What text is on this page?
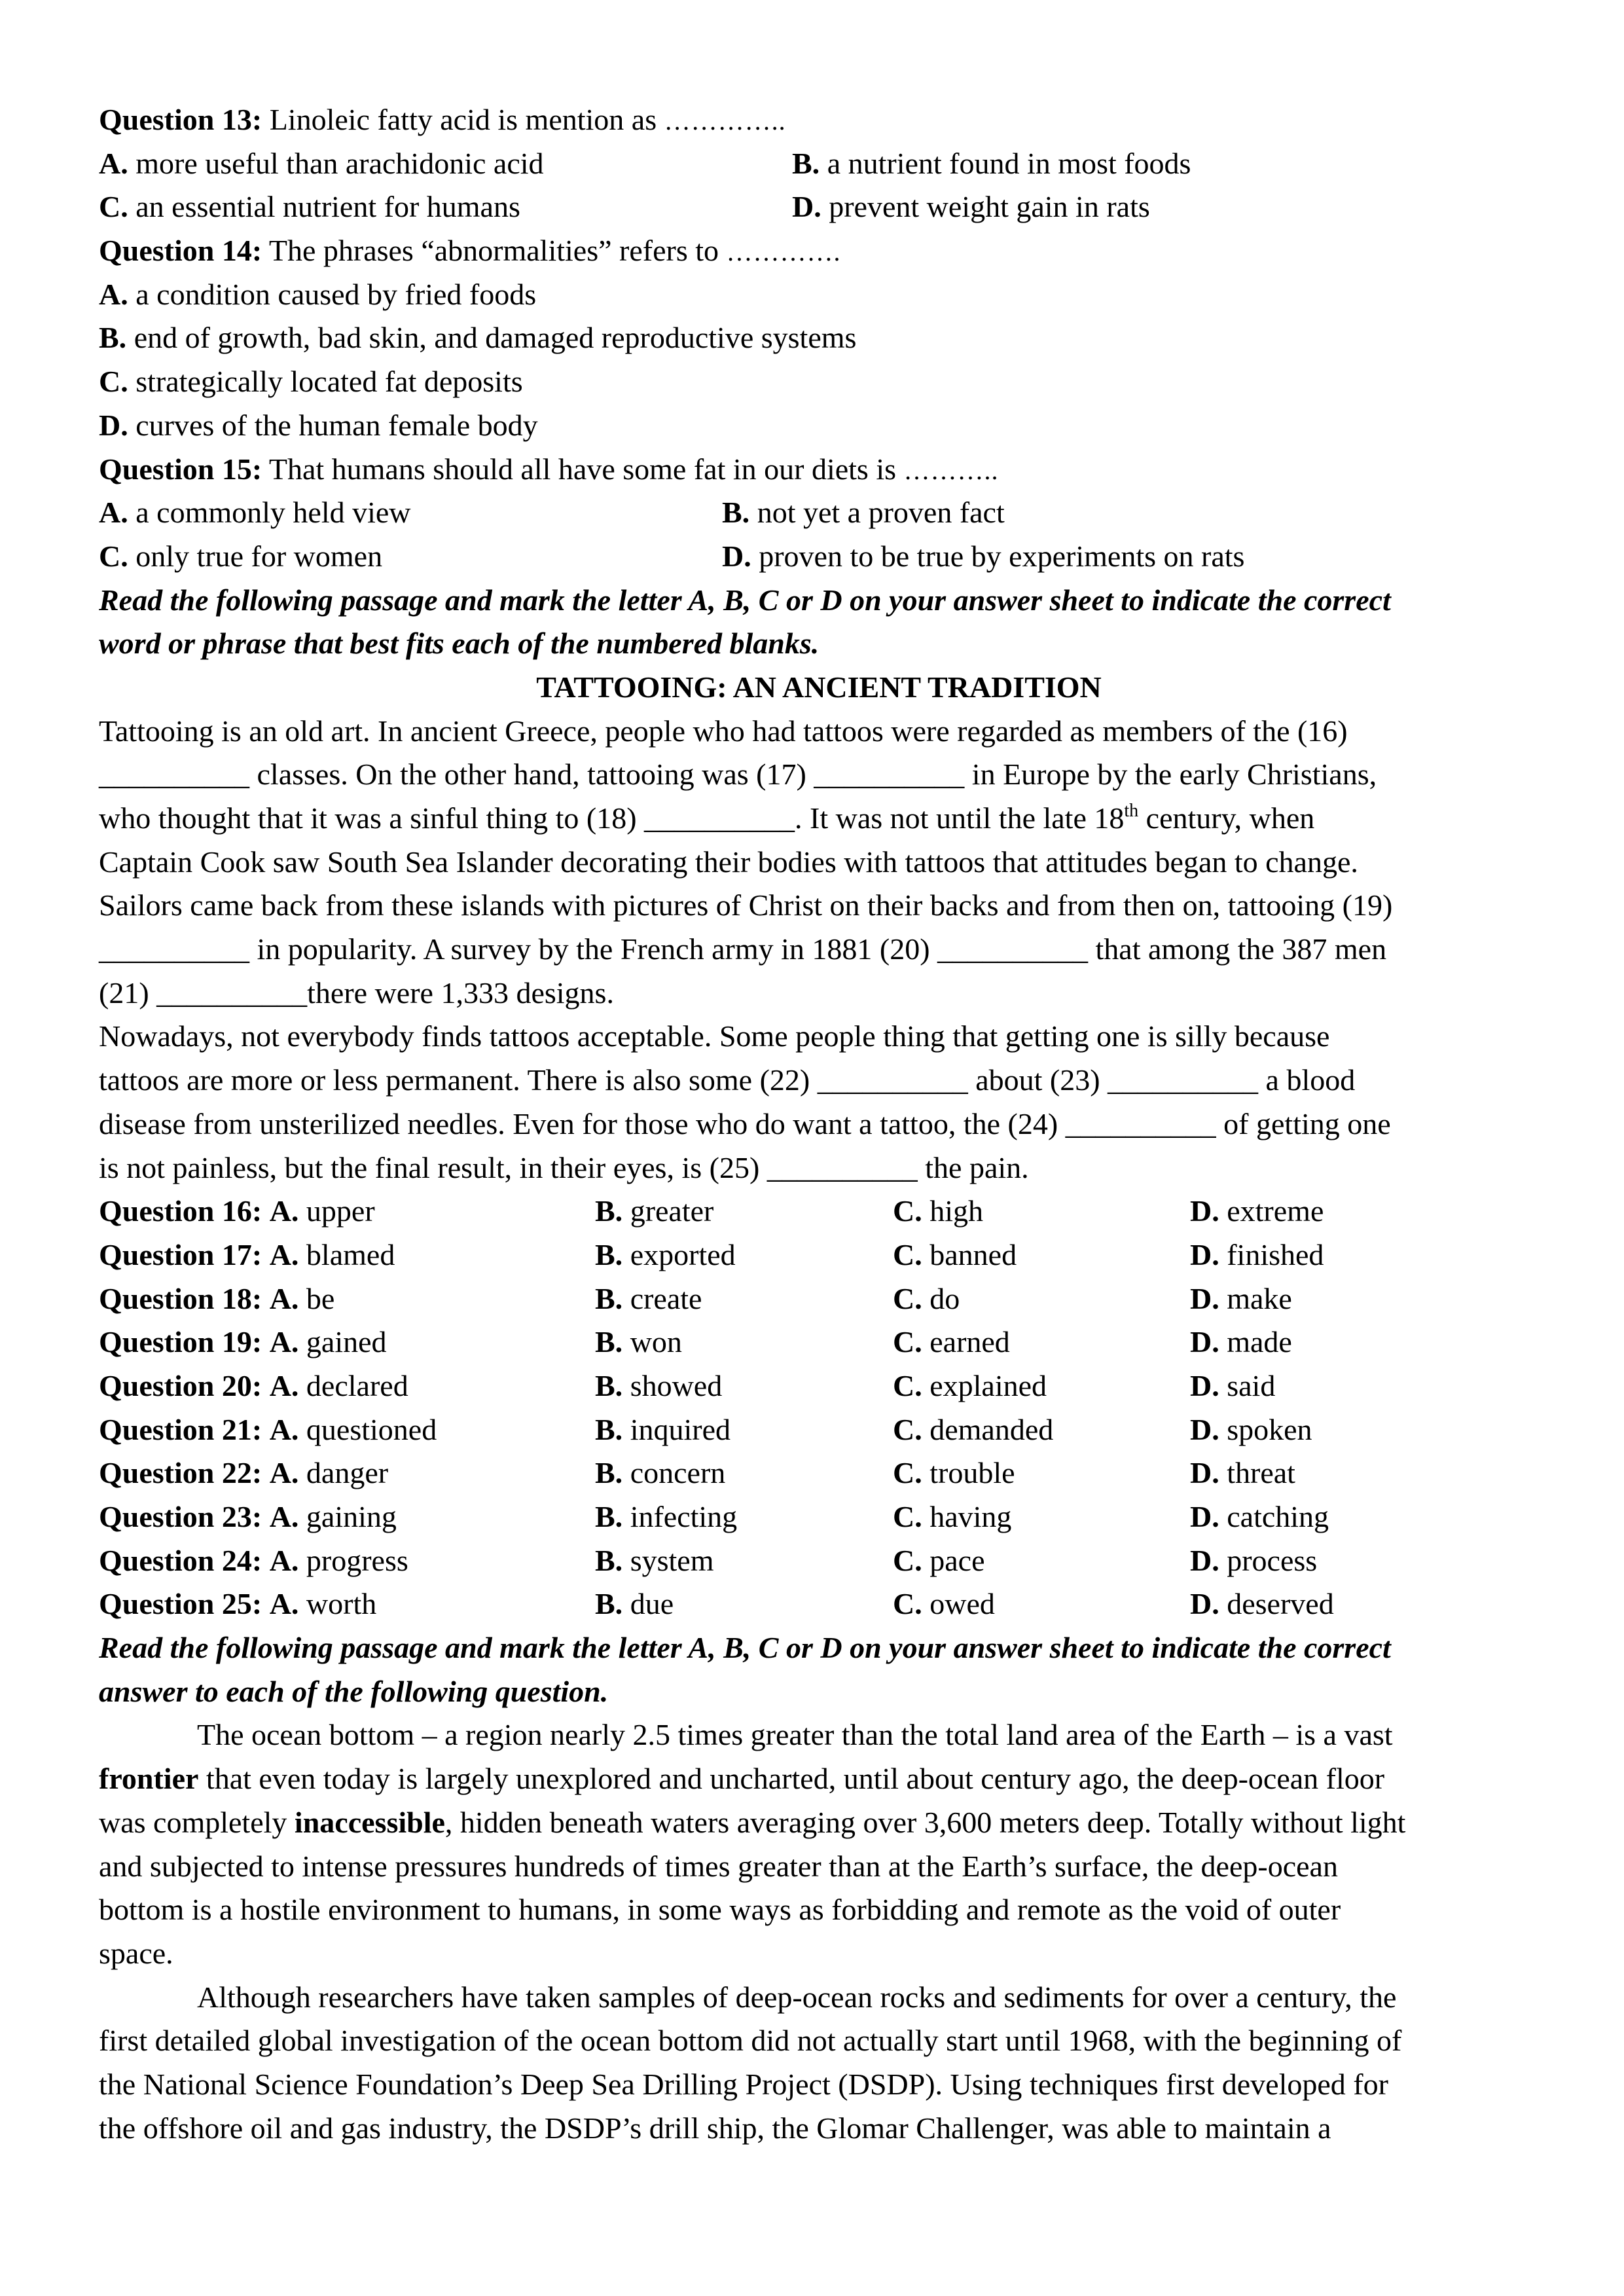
Question 13: Linoleic fatty acid is mention as …………..
A. more useful than arachidonic acid	B. a nutrient found in most foods
C. an essential nutrient for humans	D. prevent weight gain in rats
Question 14: The phrases “abnormalities” refers to ………….
A. a condition caused by fried foods
B. end of growth, bad skin, and damaged reproductive systems
C. strategically located fat deposits
D. curves of the human female body
Question 15: That humans should all have some fat in our diets is ………..
A. a commonly held view	B. not yet a proven fact
C. only true for women	D. proven to be true by experiments on rats
Read the following passage and mark the letter A, B, C or D on your answer sheet to indicate the correct
word or phrase that best fits each of the numbered blanks.
TATTOOING: AN ANCIENT TRADITION
Tattooing is an old art. In ancient Greece, people who had tattoos were regarded as members of the (16)
__________ classes. On the other hand, tattooing was (17) __________ in Europe by the early Christians,
who thought that it was a sinful thing to (18) __________. It was not until the late 18th century, when
Captain Cook saw South Sea Islander decorating their bodies with tattoos that attitudes began to change.
Sailors came back from these islands with pictures of Christ on their backs and from then on, tattooing (19)
__________ in popularity. A survey by the French army in 1881 (20) __________ that among the 387 men
(21) __________there were 1,333 designs.
Nowadays, not everybody finds tattoos acceptable. Some people thing that getting one is silly because
tattoos are more or less permanent. There is also some (22) __________ about (23) __________ a blood
disease from unsterilized needles. Even for those who do want a tattoo, the (24) __________ of getting one
is not painless, but the final result, in their eyes, is (25) __________ the pain.
Question 16: A. upper	B. greater	C. high	D. extreme
Question 17: A. blamed	B. exported	C. banned	D. finished
Question 18: A. be	B. create	C. do	D. make
Question 19: A. gained	B. won	C. earned	D. made
Question 20: A. declared	B. showed	C. explained	D. said
Question 21: A. questioned	B. inquired	C. demanded	D. spoken
Question 22: A. danger	B. concern	C. trouble	D. threat
Question 23: A. gaining	B. infecting	C. having	D. catching
Question 24: A. progress	B. system	C. pace	D. process
Question 25: A. worth	B. due	C. owed	D. deserved
Read the following passage and mark the letter A, B, C or D on your answer sheet to indicate the correct
answer to each of the following question.
The ocean bottom – a region nearly 2.5 times greater than the total land area of the Earth – is a vast
frontier that even today is largely unexplored and uncharted, until about century ago, the deep-ocean floor
was completely inaccessible, hidden beneath waters averaging over 3,600 meters deep. Totally without light
and subjected to intense pressures hundreds of times greater than at the Earth’s surface, the deep-ocean
bottom is a hostile environment to humans, in some ways as forbidding and remote as the void of outer
space.
Although researchers have taken samples of deep-ocean rocks and sediments for over a century, the
first detailed global investigation of the ocean bottom did not actually start until 1968, with the beginning of
the National Science Foundation’s Deep Sea Drilling Project (DSDP). Using techniques first developed for
the offshore oil and gas industry, the DSDP’s drill ship, the Glomar Challenger, was able to maintain a
